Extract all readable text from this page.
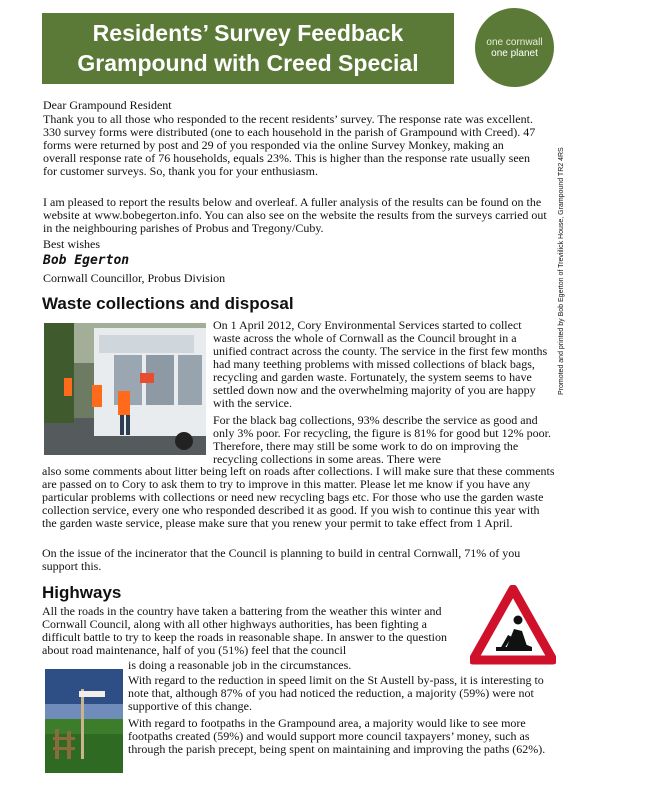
Residents’ Survey Feedback
Grampound with Creed Special
one cornwall
one planet
Promoted and printed by Bob Egerton of Treviilick House, Grampound TR2 4RS

Dear Grampound Resident

Thank you to all those who responded to the recent residents’ survey. The response rate was excellent. 330 survey forms were distributed (one to each household in the parish of Grampound with Creed). 47 forms were returned by post and 29 of you responded via the online Survey Monkey, making an overall response rate of 76 households, equals 23%. This is higher than the response rate usually seen for customer surveys. So, thank you for your enthusiasm.

I am pleased to report the results below and overleaf. A fuller analysis of the results can be found on the website at www.bobegerton.info. You can also see on the website the results from the surveys carried out in the neighbouring parishes of Probus and Tregony/Cuby.

Best wishes

Bob Egerton

Cornwall Councillor, Probus Division

Waste collections and disposal

On 1 April 2012, Cory Environmental Services started to collect waste across the whole of Cornwall as the Council brought in a unified contract across the county. The service in the first few months had many teething problems with missed collections of black bags, recycling and garden waste. Fortunately, the system seems to have settled down now and the overwhelming majority of you are happy with the service.

For the black bag collections, 93% describe the service as good and only 3% poor. For recycling, the figure is 81% for good but 12% poor. Therefore, there may still be some work to do on improving the recycling collections in some areas. There were

also some comments about litter being left on roads after collections. I will make sure that these comments are passed on to Cory to ask them to try to improve in this matter. Please let me know if you have any particular problems with collections or need new recycling bags etc. For those who use the garden waste collection service, every one who responded described it as good. If you wish to continue this year with the garden waste service, please make sure that you renew your permit to take effect from 1 April.

On the issue of the incinerator that the Council is planning to build in central Cornwall, 71% of you support this.

Highways

All the roads in the country have taken a battering from the weather this winter and Cornwall Council, along with all other highways authorities, has been fighting a difficult battle to try to keep the roads in reasonable shape. In answer to the question about road maintenance, half of you (51%) feel that the council

is doing a reasonable job in the circumstances.

With regard to the reduction in speed limit on the St Austell by-pass, it is interesting to note that, although 87% of you had noticed the reduction, a majority (59%) were not supportive of this change.

With regard to footpaths in the Grampound area, a majority would like to see more footpaths created (59%) and would support more council taxpayers’ money, such as through the parish precept, being spent on maintaining and improving the paths (62%).
